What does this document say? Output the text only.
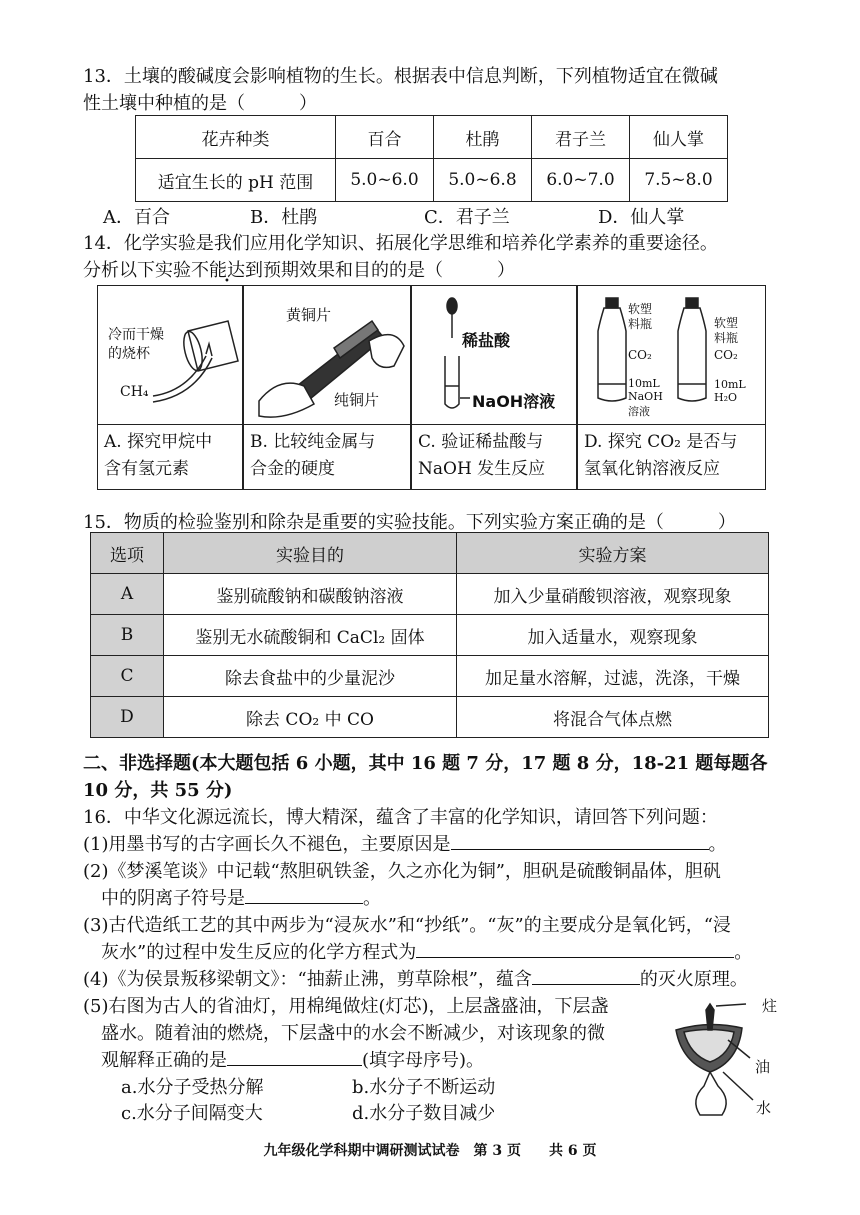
13．土壤的酸碱度会影响植物的生长。根据表中信息判断，下列植物适宜在微碱
性土壤中种植的是（　　　）
花卉种类	百合	杜鹃	君子兰	仙人掌
适宜生长的 pH 范围	5.0~6.0	5.0~6.8	6.0~7.0	7.5~8.0
A．百合	B．杜鹃	C．君子兰	D．仙人掌
14．化学实验是我们应用化学知识、拓展化学思维和培养化学素养的重要途径。
分析以下实验不能达到预期效果和目的的是（　　　）
冷而干燥
的烧杯
CH₄
A. 探究甲烷中
含有氢元素
黄铜片
纯铜片
B. 比较纯金属与
合金的硬度
稀盐酸
NaOH溶液
C. 验证稀盐酸与
NaOH 发生反应
软塑
料瓶
CO₂
10mL
NaOH
溶液
软塑
料瓶
CO₂
10mL
H₂O
D. 探究 CO₂ 是否与
氢氧化钠溶液反应
15．物质的检验鉴别和除杂是重要的实验技能。下列实验方案正确的是（　　　）
选项	实验目的	实验方案
A	鉴别硫酸钠和碳酸钠溶液	加入少量硝酸钡溶液，观察现象
B	鉴别无水硫酸铜和 CaCl₂ 固体	加入适量水，观察现象
C	除去食盐中的少量泥沙	加足量水溶解，过滤，洗涤，干燥
D	除去 CO₂ 中 CO	将混合气体点燃
二、非选择题(本大题包括 6 小题，其中 16 题 7 分，17 题 8 分，18-21 题每题各
10 分，共 55 分)
16．中华文化源远流长，博大精深，蕴含了丰富的化学知识，请回答下列问题：
(1)用墨书写的古字画长久不褪色，主要原因是	。
(2)《梦溪笔谈》中记载“熬胆矾铁釜，久之亦化为铜”，胆矾是硫酸铜晶体，胆矾
中的阴离子符号是	。
(3)古代造纸工艺的其中两步为“浸灰水”和“抄纸”。“灰”的主要成分是氧化钙，“浸
灰水”的过程中发生反应的化学方程式为	。
(4)《为侯景叛移梁朝文》：“抽薪止沸，剪草除根”，蕴含	的灭火原理。
(5)右图为古人的省油灯，用棉绳做炷(灯芯)，上层盏盛油，下层盏
盛水。随着油的燃烧，下层盏中的水会不断减少，对该现象的微
观解释正确的是	(填字母序号)。
a.水分子受热分解	b.水分子不断运动
c.水分子间隔变大	d.水分子数目减少
炷
油
水
九年级化学科期中调研测试试卷　第 3 页　　共 6 页
